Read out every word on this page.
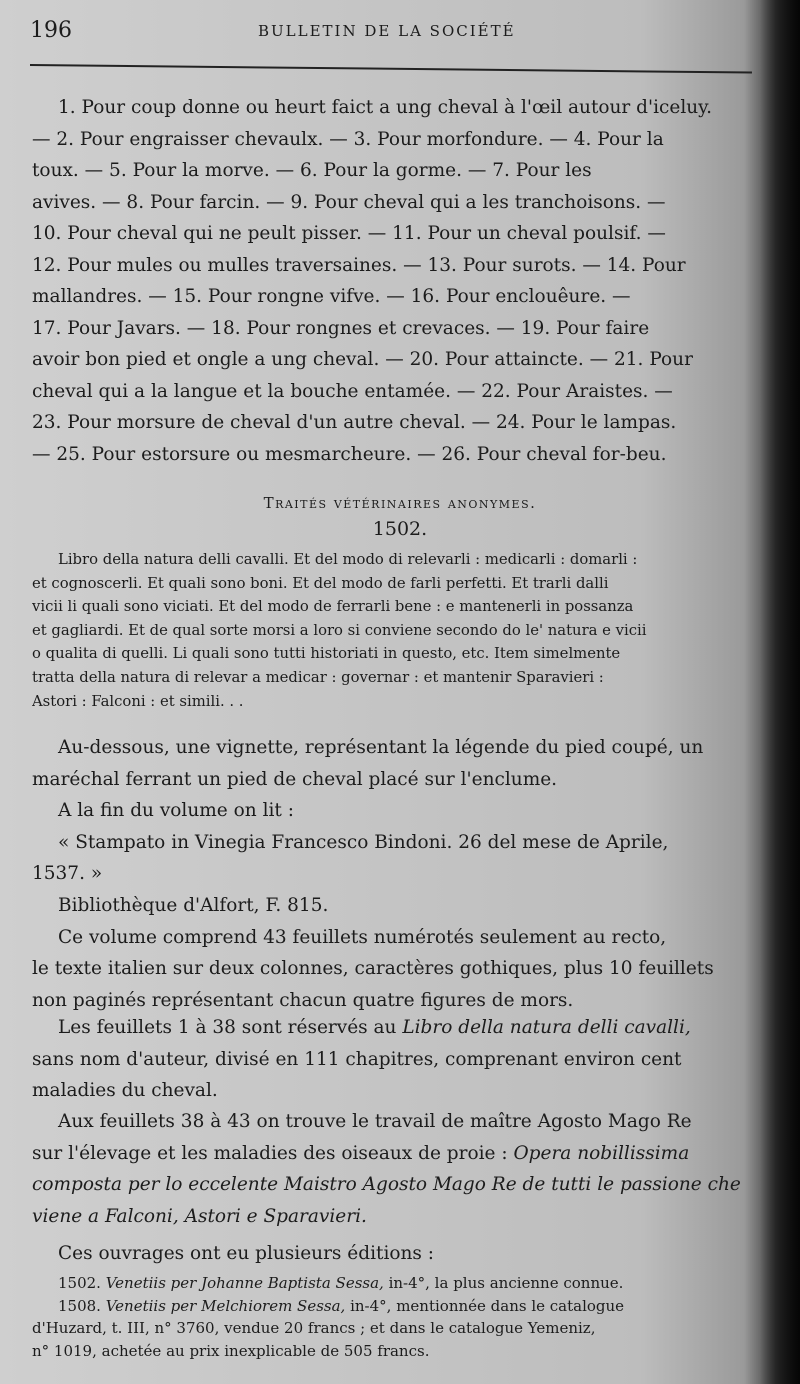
196	BULLETIN DE LA SOCIÉTÉ
1. Pour coup donne ou heurt faict a ung cheval à l'œil autour d'iceluy.
— 2. Pour engraisser chevaulx. — 3. Pour morfondure. — 4. Pour la
toux. — 5. Pour la morve. — 6. Pour la gorme. — 7. Pour les
avives. — 8. Pour farcin. — 9. Pour cheval qui a les tranchoisons. —
10. Pour cheval qui ne peult pisser. — 11. Pour un cheval poulsif. —
12. Pour mules ou mulles traversaines. — 13. Pour surots. — 14. Pour
mallandres. — 15. Pour rongne vifve. — 16. Pour enclouêure. —
17. Pour Javars. — 18. Pour rongnes et crevaces. — 19. Pour faire
avoir bon pied et ongle a ung cheval. — 20. Pour attaincte. — 21. Pour
cheval qui a la langue et la bouche entamée. — 22. Pour Araistes. —
23. Pour morsure de cheval d'un autre cheval. — 24. Pour le lampas.
— 25. Pour estorsure ou mesmarcheure. — 26. Pour cheval for-beu.
Traités vétérinaires anonymes.
1502.
Libro della natura delli cavalli. Et del modo di relevarli : medicarli : domarli :
et cognoscerli. Et quali sono boni. Et del modo de farli perfetti. Et trarli dalli
vicii li quali sono viciati. Et del modo de ferrarli bene : e mantenerli in possanza
et gagliardi. Et de qual sorte morsi a loro si conviene secondo do le' natura e vicii
o qualita di quelli. Li quali sono tutti historiati in questo, etc. Item simelmente
tratta della natura di relevar a medicar : governar : et mantenir Sparavieri :
Astori : Falconi : et simili. . .
Au-dessous, une vignette, représentant la légende du pied coupé, un
maréchal ferrant un pied de cheval placé sur l'enclume.
A la fin du volume on lit :
« Stampato in Vinegia Francesco Bindoni. 26 del mese de Aprile,
1537. »
Bibliothèque d'Alfort, F. 815.
Ce volume comprend 43 feuillets numérotés seulement au recto,
le texte italien sur deux colonnes, caractères gothiques, plus 10 feuillets
non paginés représentant chacun quatre figures de mors.
Les feuillets 1 à 38 sont réservés au Libro della natura delli cavalli,
sans nom d'auteur, divisé en 111 chapitres, comprenant environ cent
maladies du cheval.
Aux feuillets 38 à 43 on trouve le travail de maître Agosto Mago Re
sur l'élevage et les maladies des oiseaux de proie : Opera nobillissima
composta per lo eccelente Maistro Agosto Mago Re de tutti le passione che
viene a Falconi, Astori e Sparavieri.
Ces ouvrages ont eu plusieurs éditions :
1502. Venetiis per Johanne Baptista Sessa, in-4°, la plus ancienne connue.
1508. Venetiis per Melchiorem Sessa, in-4°, mentionnée dans le catalogue
d'Huzard, t. III, n° 3760, vendue 20 francs ; et dans le catalogue Yemeniz,
n° 1019, achetée au prix inexplicable de 505 francs.
